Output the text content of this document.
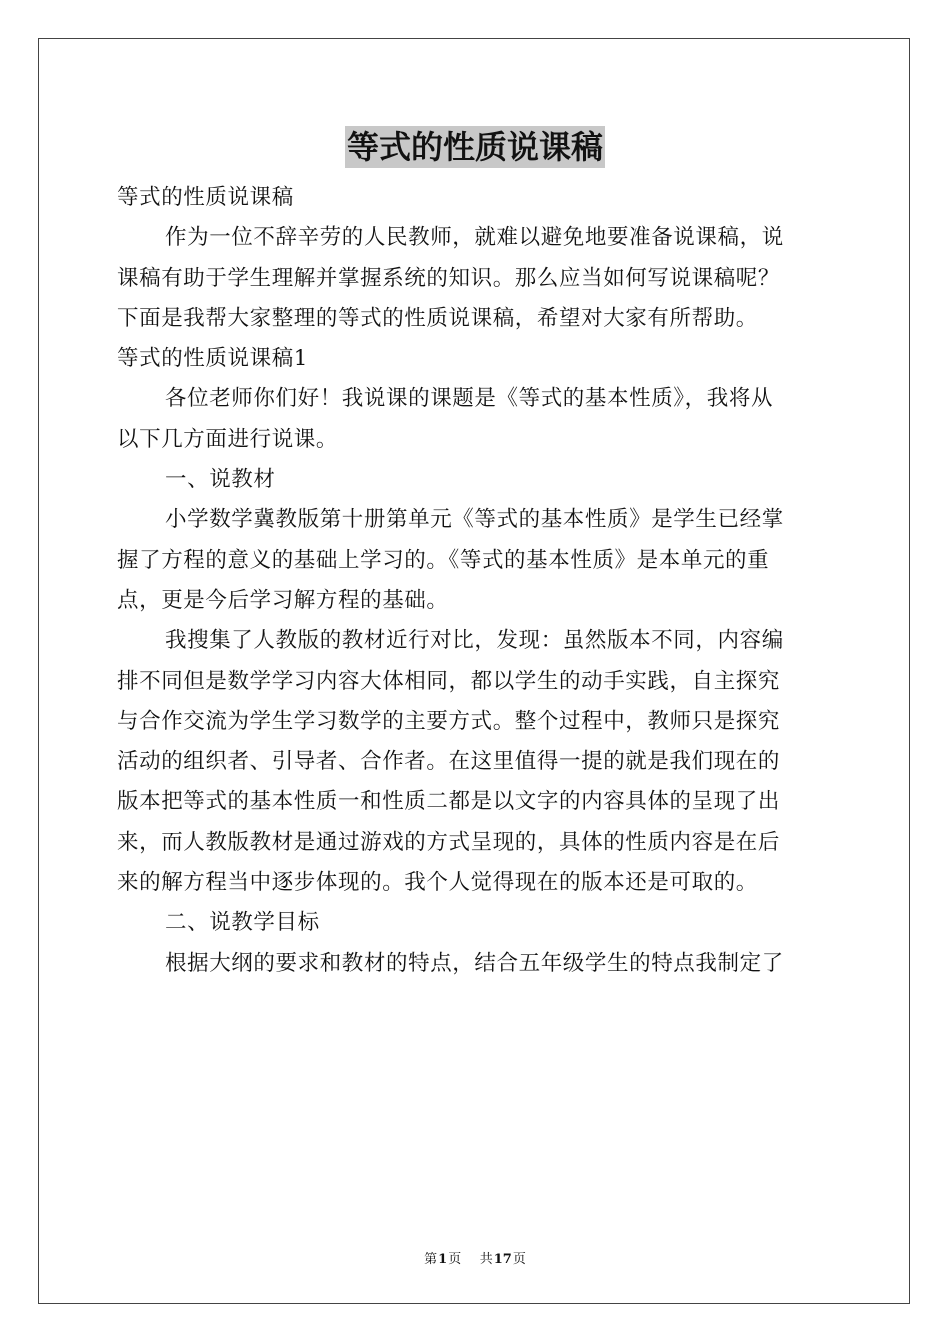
等式的性质说课稿

等式的性质说课稿

作为一位不辞辛劳的人民教师，就难以避免地要准备说课稿，说
课稿有助于学生理解并掌握系统的知识。那么应当如何写说课稿呢？
下面是我帮大家整理的等式的性质说课稿，希望对大家有所帮助。

等式的性质说课稿1

各位老师你们好！我说课的课题是《等式的基本性质》，我将从
以下几方面进行说课。

一、说教材

小学数学冀教版第十册第单元《等式的基本性质》是学生已经掌
握了方程的意义的基础上学习的。《等式的基本性质》是本单元的重
点，更是今后学习解方程的基础。

我搜集了人教版的教材近行对比，发现：虽然版本不同，内容编
排不同但是数学学习内容大体相同，都以学生的动手实践，自主探究
与合作交流为学生学习数学的主要方式。整个过程中，教师只是探究
活动的组织者、引导者、合作者。在这里值得一提的就是我们现在的
版本把等式的基本性质一和性质二都是以文字的内容具体的呈现了出
来，而人教版教材是通过游戏的方式呈现的，具体的性质内容是在后
来的解方程当中逐步体现的。我个人觉得现在的版本还是可取的。

二、说教学目标

根据大纲的要求和教材的特点，结合五年级学生的特点我制定了

第1页 共17页
